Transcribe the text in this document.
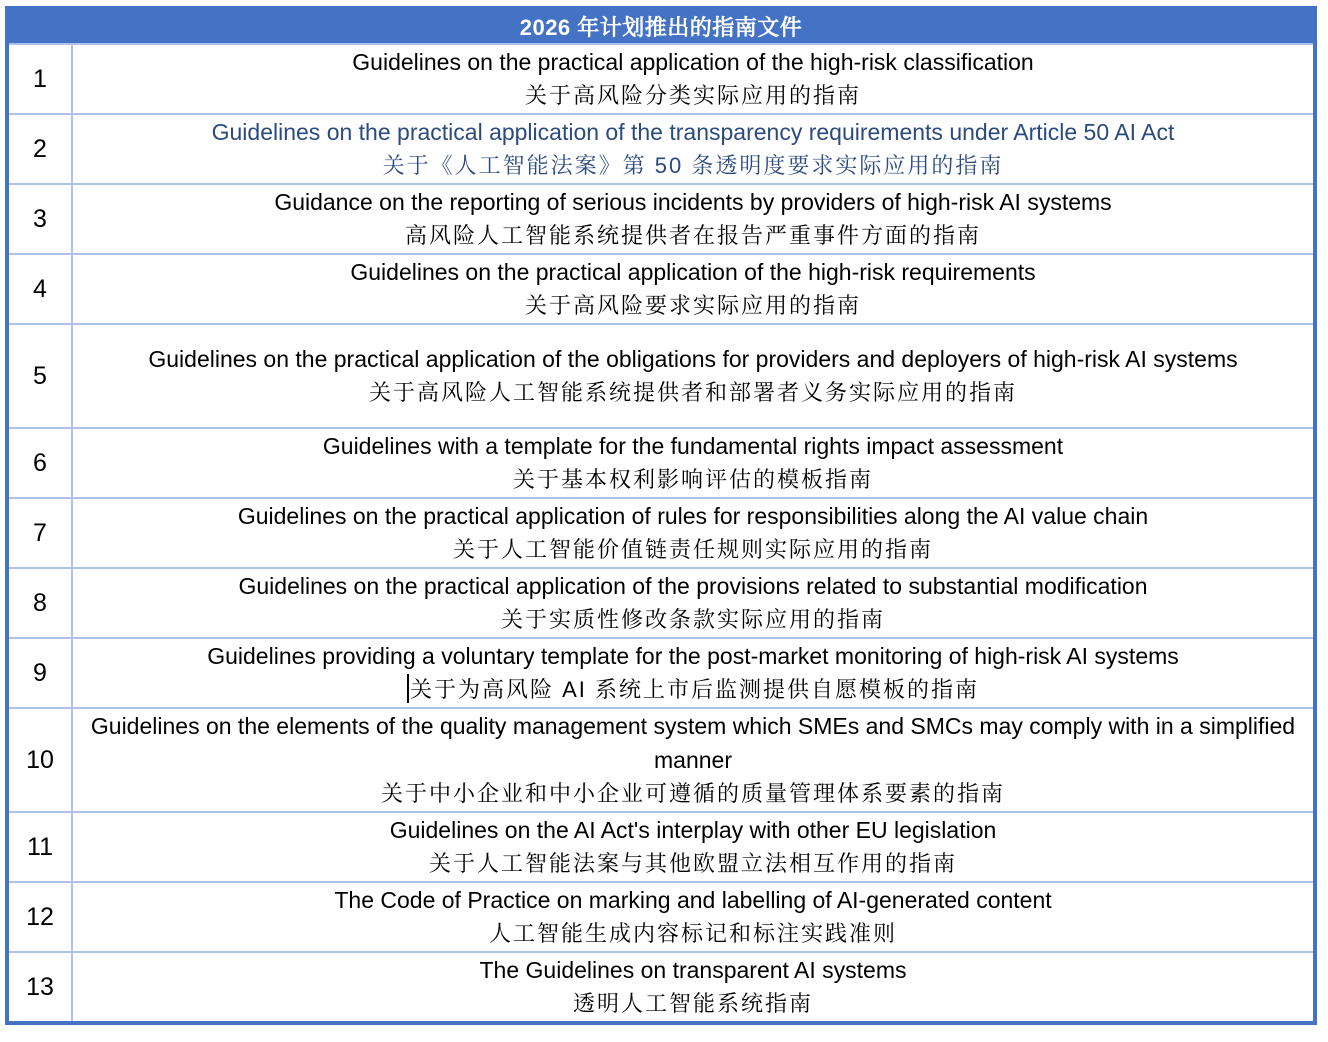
2026 年计划推出的指南文件
1
Guidelines on the practical application of the high-risk classification
关于高风险分类实际应用的指南
2
Guidelines on the practical application of the transparency requirements under Article 50 AI Act
关于《人工智能法案》第 50 条透明度要求实际应用的指南
3
Guidance on the reporting of serious incidents by providers of high-risk AI systems
高风险人工智能系统提供者在报告严重事件方面的指南
4
Guidelines on the practical application of the high-risk requirements
关于高风险要求实际应用的指南
5
Guidelines on the practical application of the obligations for providers and deployers of high-risk AI systems
关于高风险人工智能系统提供者和部署者义务实际应用的指南
6
Guidelines with a template for the fundamental rights impact assessment
关于基本权利影响评估的模板指南
7
Guidelines on the practical application of rules for responsibilities along the AI value chain
关于人工智能价值链责任规则实际应用的指南
8
Guidelines on the practical application of the provisions related to substantial modification
关于实质性修改条款实际应用的指南
9
Guidelines providing a voluntary template for the post-market monitoring of high-risk AI systems
关于为高风险 AI 系统上市后监测提供自愿模板的指南
10
Guidelines on the elements of the quality management system which SMEs and SMCs may comply with in a simplified manner
关于中小企业和中小企业可遵循的质量管理体系要素的指南
11
Guidelines on the AI Act's interplay with other EU legislation
关于人工智能法案与其他欧盟立法相互作用的指南
12
The Code of Practice on marking and labelling of AI-generated content
人工智能生成内容标记和标注实践准则
13
The Guidelines on transparent AI systems
透明人工智能系统指南
